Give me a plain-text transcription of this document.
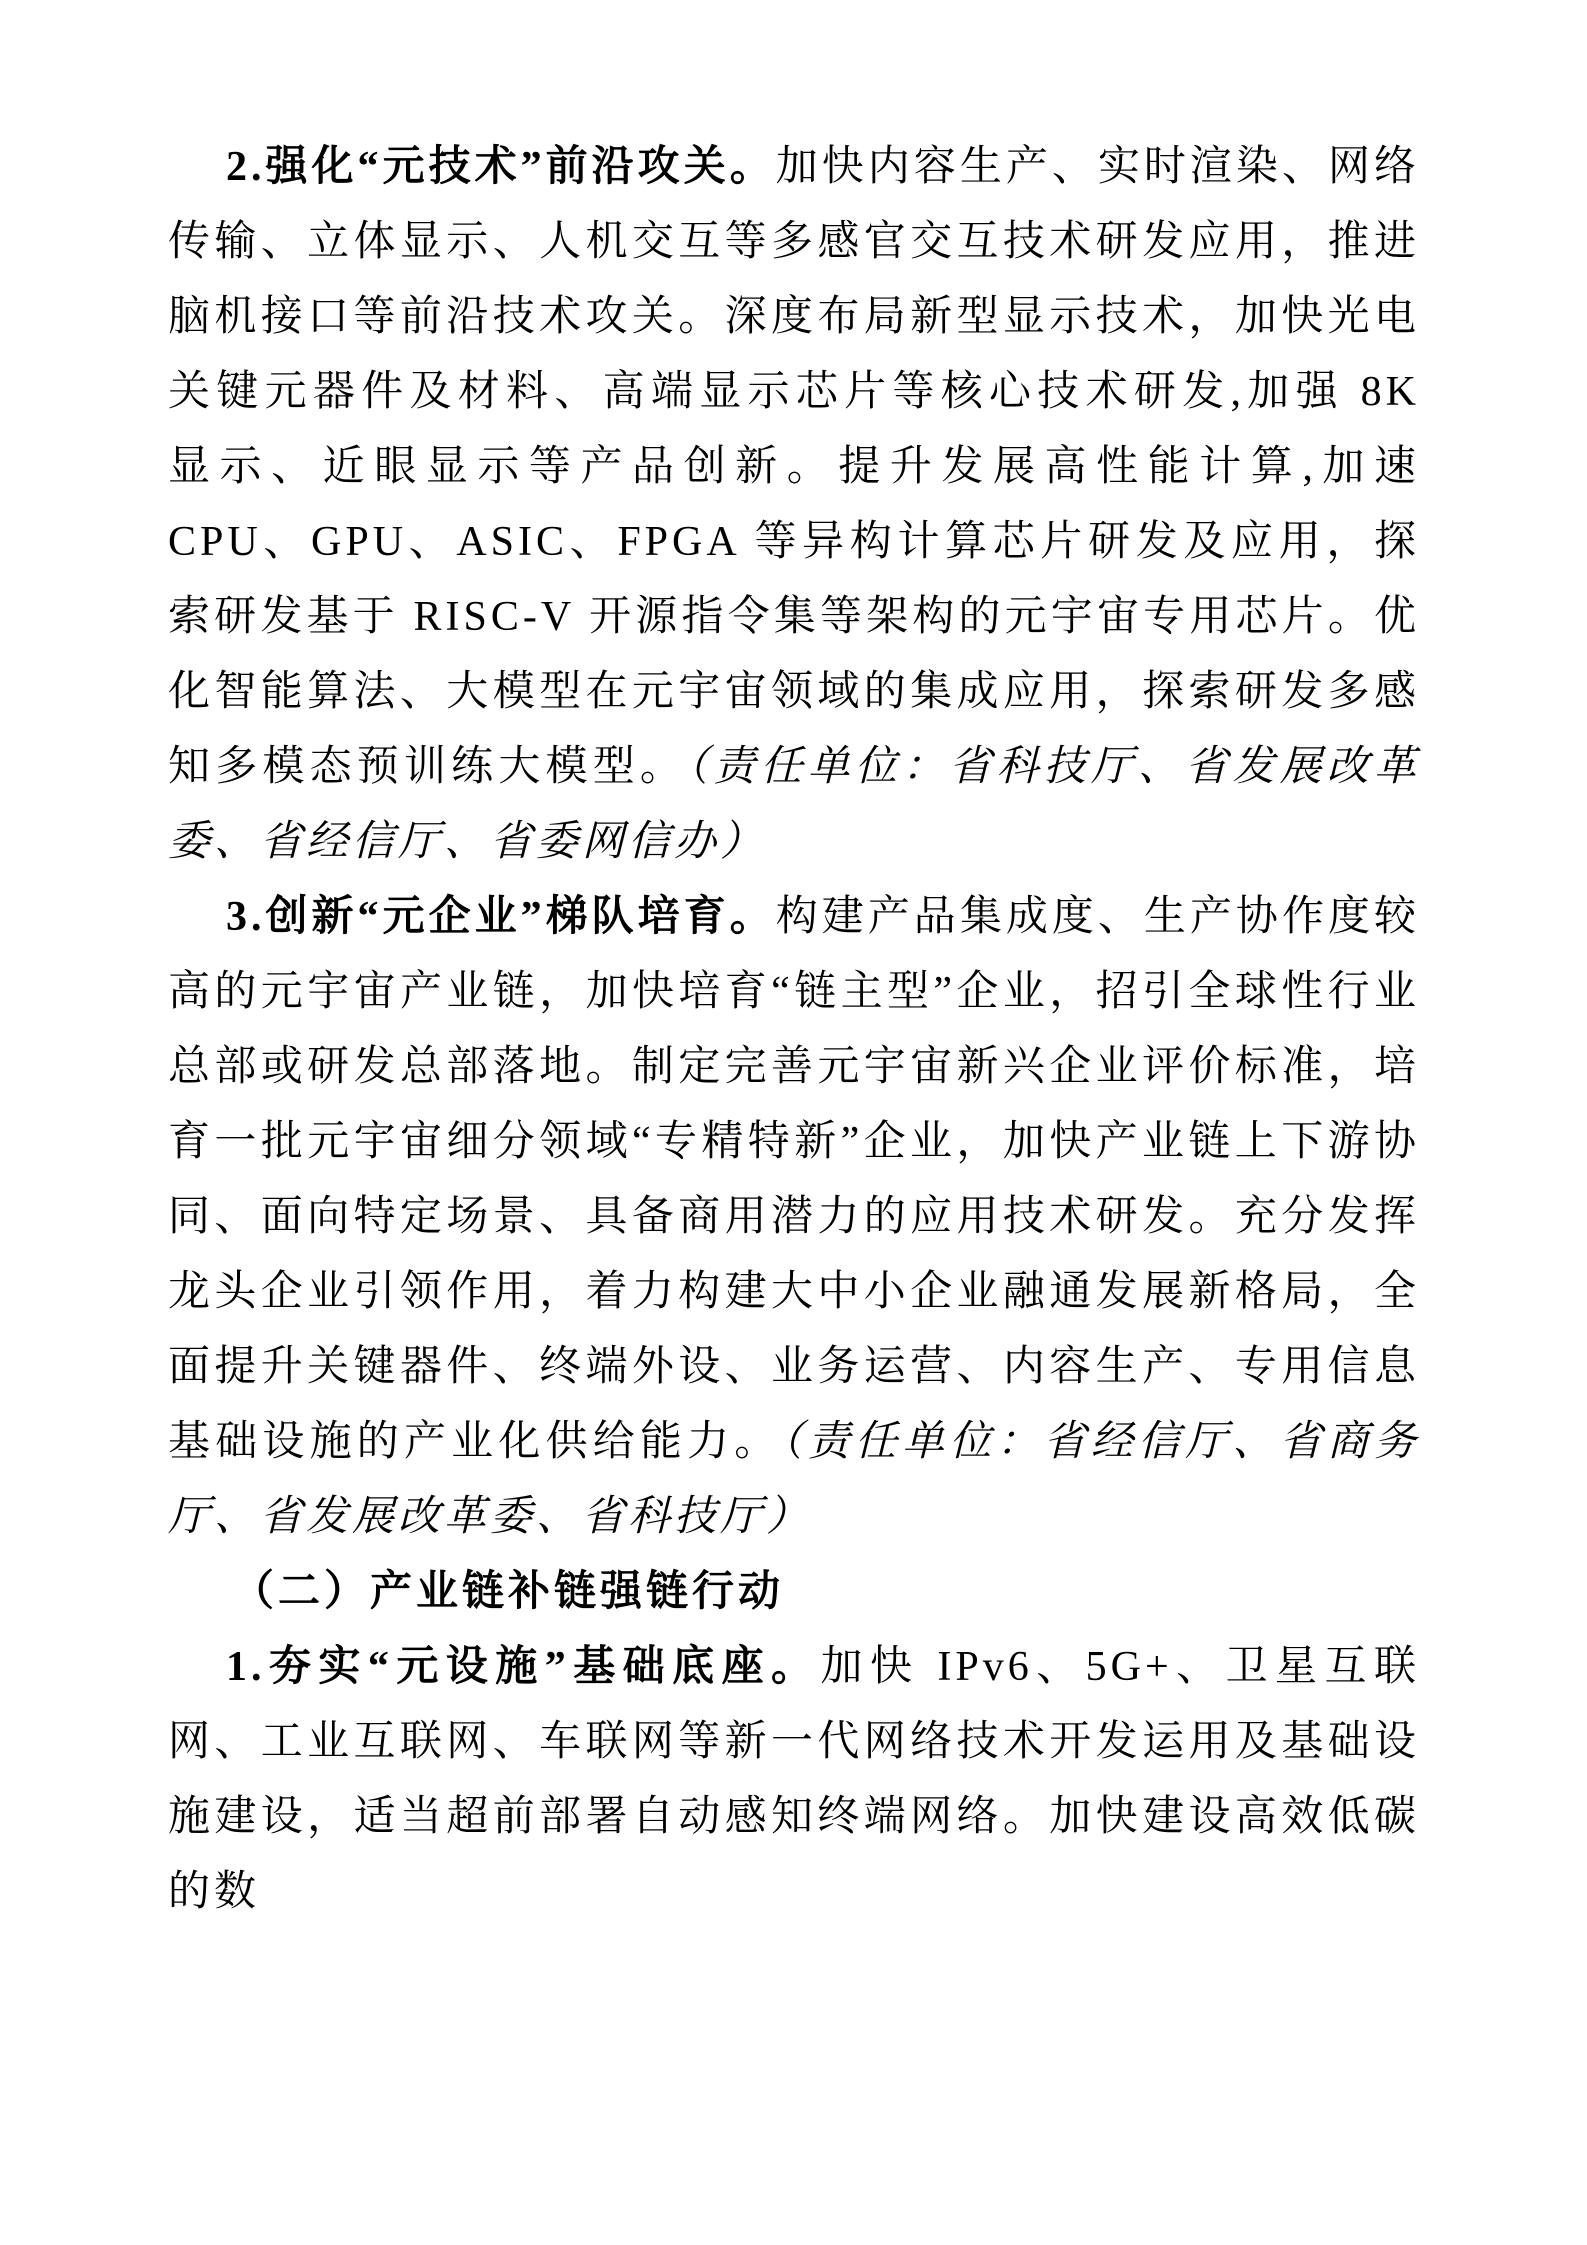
2.强化“元技术”前沿攻关。加快内容生产、实时渲染、网络传输、立体显示、人机交互等多感官交互技术研发应用，推进脑机接口等前沿技术攻关。深度布局新型显示技术，加快光电关键元器件及材料、高端显示芯片等核心技术研发,加强 8K 显示、近眼显示等产品创新。提升发展高性能计算,加速 CPU、GPU、ASIC、FPGA 等异构计算芯片研发及应用，探索研发基于 RISC-V 开源指令集等架构的元宇宙专用芯片。优化智能算法、大模型在元宇宙领域的集成应用，探索研发多感知多模态预训练大模型。（责任单位：省科技厅、省发展改革委、省经信厅、省委网信办）

3.创新“元企业”梯队培育。构建产品集成度、生产协作度较高的元宇宙产业链，加快培育“链主型”企业，招引全球性行业总部或研发总部落地。制定完善元宇宙新兴企业评价标准，培育一批元宇宙细分领域“专精特新”企业，加快产业链上下游协同、面向特定场景、具备商用潜力的应用技术研发。充分发挥龙头企业引领作用，着力构建大中小企业融通发展新格局，全面提升关键器件、终端外设、业务运营、内容生产、专用信息基础设施的产业化供给能力。（责任单位：省经信厅、省商务厅、省发展改革委、省科技厅）

（二）产业链补链强链行动

1.夯实“元设施”基础底座。加快 IPv6、5G+、卫星互联网、工业互联网、车联网等新一代网络技术开发运用及基础设施建设，适当超前部署自动感知终端网络。加快建设高效低碳的数
